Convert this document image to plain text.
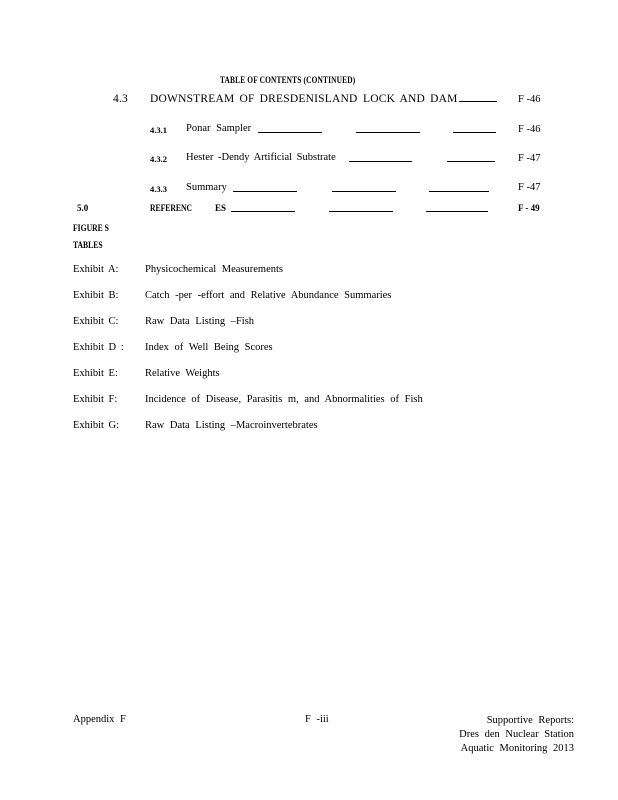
TABLE OF CONTENTS (CONTINUED)
4.3 DOWNSTREAM OF DRESDENISLAND LOCK AND DAM	F -46
4.3.1 Ponar Sampler	F -46
4.3.2 Hester -Dendy Artificial Substrate	F -47
4.3.3 Summary	F -47
5.0	REFERENC	ES	F - 49
FIGURE S
TABLES
Exhibit A:	Physicochemical Measurements
Exhibit B:	Catch -per -effort and Relative Abundance Summaries
Exhibit C:	Raw Data Listing –Fish
Exhibit D : Index of Well Being Scores
Exhibit E:	Relative Weights
Exhibit F:	Incidence of Disease, Parasitis m, and Abnormalities of Fish
Exhibit G: Raw Data Listing –Macroinvertebrates
Appendix F	F -iii	Supportive Reports:
Dres den Nuclear Station
Aquatic Monitoring 2013
